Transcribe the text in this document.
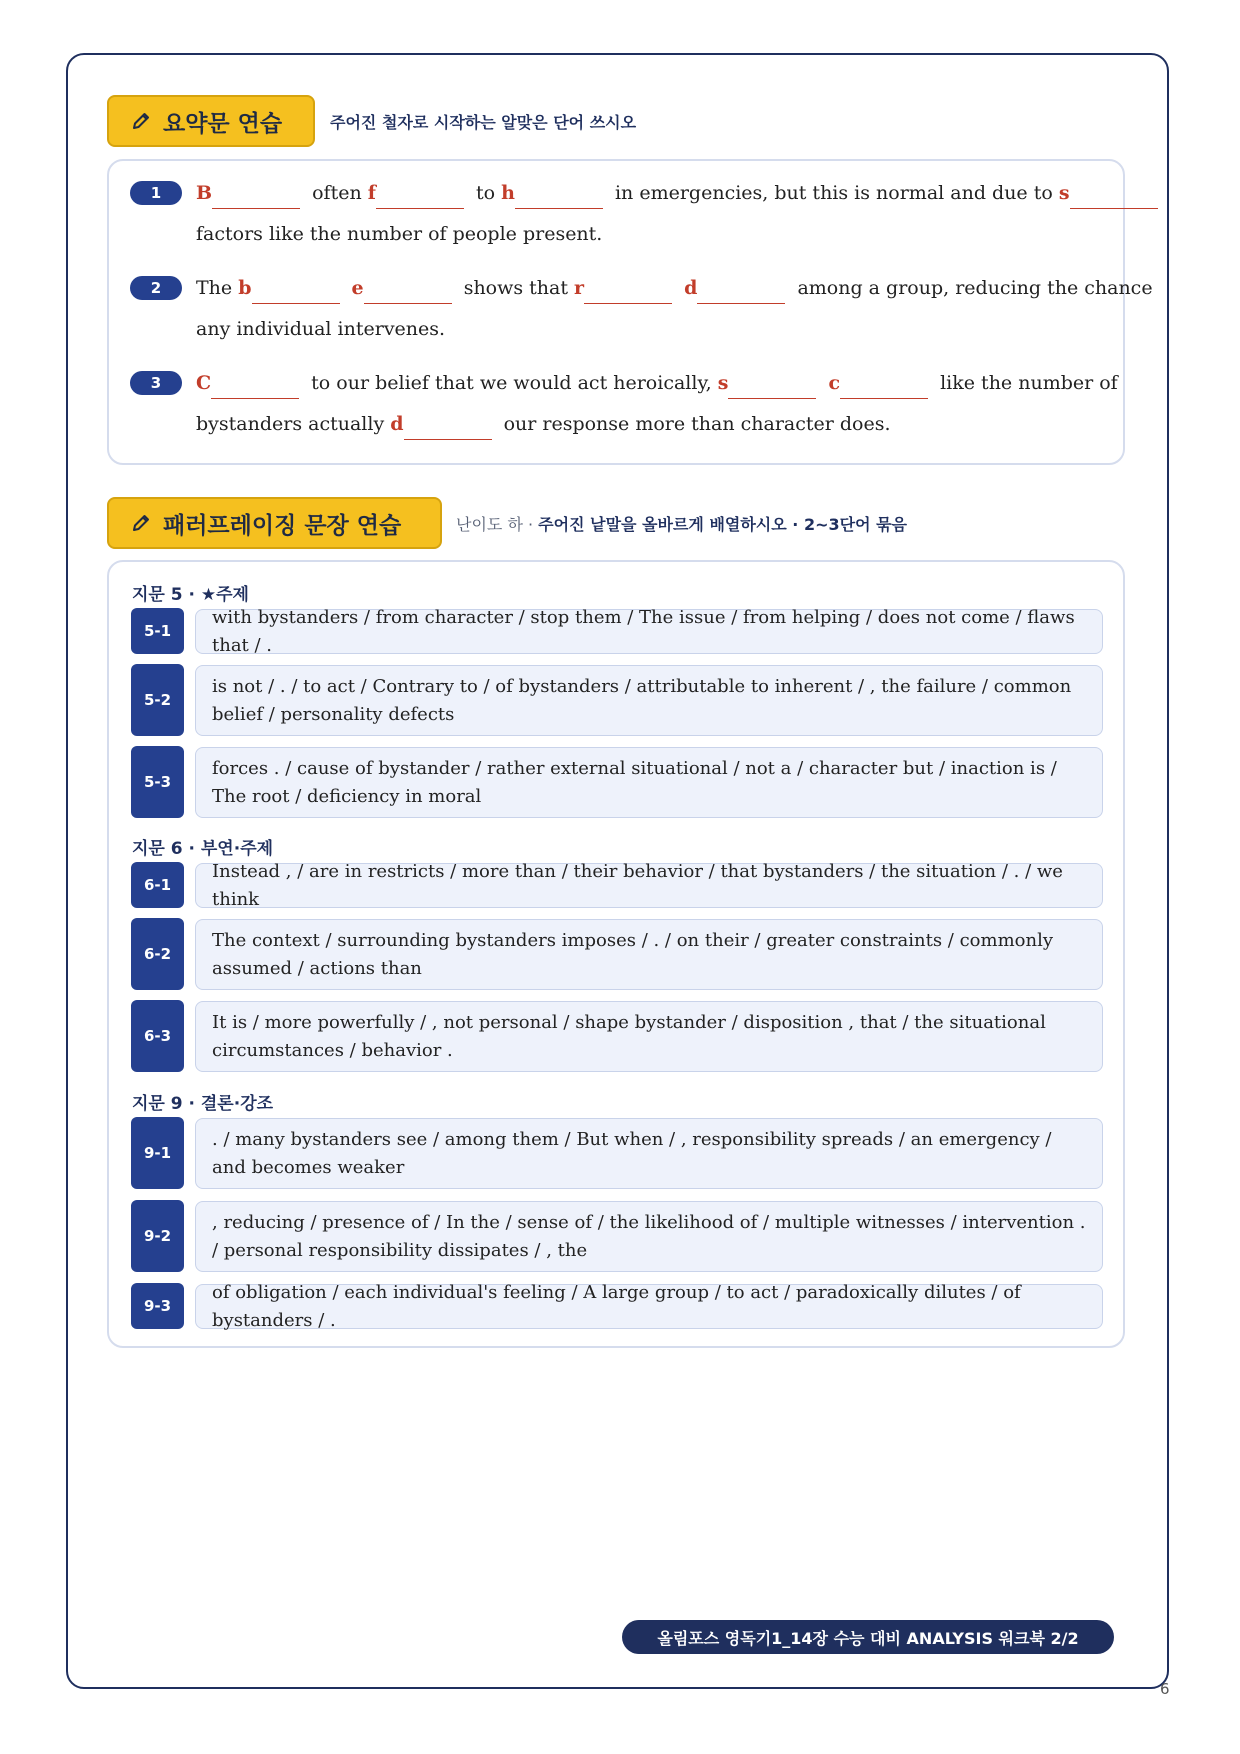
요약문 연습	주어진 철자로 시작하는 알맞은 단어 쓰시오
1	B	often f	to h	in emergencies, but this is normal and due to s
factors like the number of people present.
2	The b	e	shows that r	d	among a group, reducing the chance
any individual intervenes.
3	C	to our belief that we would act heroically, s	c	like the number of
bystanders actually d	our response more than character does.
패러프레이징 문장 연습	난이도 하 · 주어진 낱말을 올바르게 배열하시오 · 2~3단어 묶음
지문 5 · ★주제
5-1
with bystanders / from character / stop them / The issue / from helping / does not come / flaws that / .
5-2
is not / . / to act / Contrary to / of bystanders / attributable to inherent / , the failure / common belief / personality defects
5-3
forces . / cause of bystander / rather external situational / not a / character but / inaction is / The root / deficiency in moral
지문 6 · 부연·주제
6-1
Instead , / are in restricts / more than / their behavior / that bystanders / the situation / . / we think
6-2
The context / surrounding bystanders imposes / . / on their / greater constraints / commonly assumed / actions than
6-3
It is / more powerfully / , not personal / shape bystander / disposition , that / the situational circumstances / behavior .
지문 9 · 결론·강조
9-1
. / many bystanders see / among them / But when / , responsibility spreads / an emergency / and becomes weaker
9-2
, reducing / presence of / In the / sense of / the likelihood of / multiple witnesses / intervention . / personal responsibility dissipates / , the
9-3
of obligation / each individual's feeling / A large group / to act / paradoxically dilutes / of bystanders / .
올림포스 영독기1_14장 수능 대비 ANALYSIS 워크북 2/2
6
